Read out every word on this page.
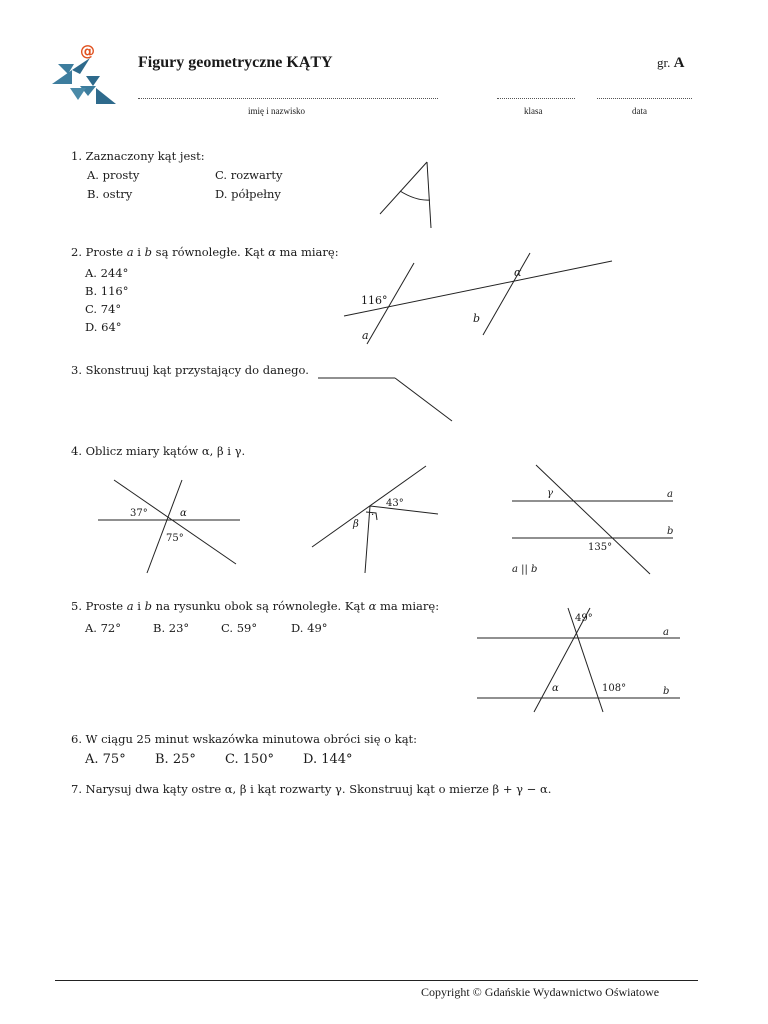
@
Figury geometryczne KĄTY	gr. A
imię i nazwisko	klasa	data
1. Zaznaczony kąt jest:
A. prosty	C. rozwarty
B. ostry	D. półpełny
2. Proste a i b są równoległe. Kąt α ma miarę:
A. 244°
B. 116°
C. 74°
D. 64°
3. Skonstruuj kąt przystający do danego.
4. Oblicz miary kątów α, β i γ.
5. Proste a i b na rysunku obok są równoległe. Kąt α ma miarę:
A. 72°	B. 23°	C. 59°	D. 49°
6. W ciągu 25 minut wskazówka minutowa obróci się o kąt:
A. 75° B. 25° C. 150° D. 144°
7. Narysuj dwa kąty ostre α, β i kąt rozwarty γ. Skonstruuj kąt o mierze β + γ − α.
116°
α
a
b
37°	α
75°
43°
β
·
γ	a
b
135°
a || b
49°
a
α	108°	b
Copyright © Gdańskie Wydawnictwo Oświatowe
